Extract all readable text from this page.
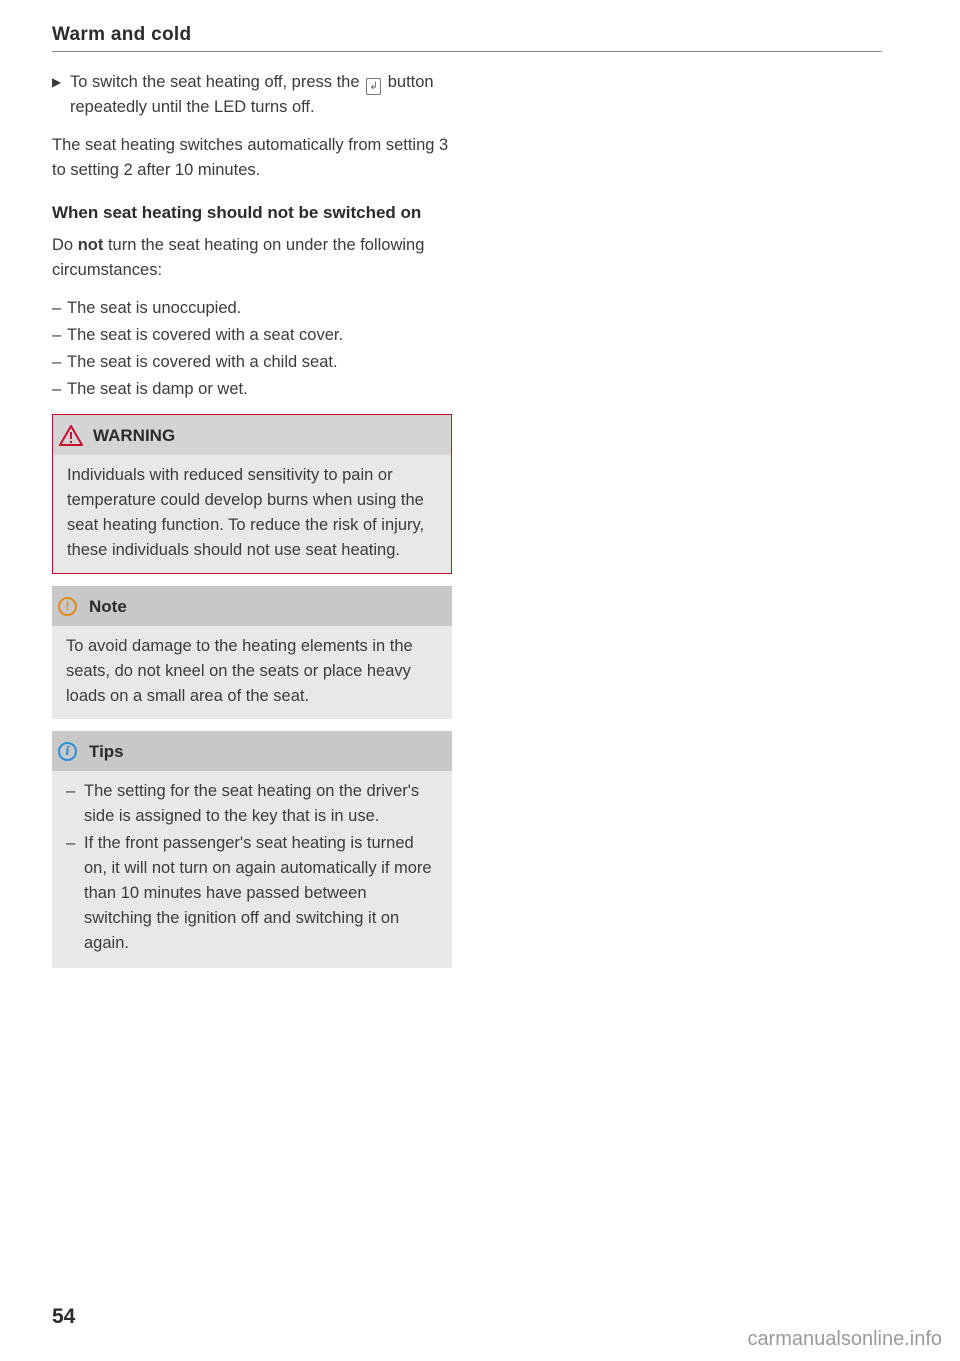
Warm and cold
▶ To switch the seat heating off, press the ↲ button repeatedly until the LED turns off.

The seat heating switches automatically from setting 3 to setting 2 after 10 minutes.

When seat heating should not be switched on

Do not turn the seat heating on under the following circumstances:

– The seat is unoccupied.
– The seat is covered with a seat cover.
– The seat is covered with a child seat.
– The seat is damp or wet.
WARNING
Individuals with reduced sensitivity to pain or temperature could develop burns when using the seat heating function. To reduce the risk of injury, these individuals should not use seat heating.
!	Note
To avoid damage to the heating elements in the seats, do not kneel on the seats or place heavy loads on a small area of the seat.
i	Tips
– The setting for the seat heating on the driver's side is assigned to the key that is in use.
– If the front passenger's seat heating is turned on, it will not turn on again automatically if more than 10 minutes have passed between switching the ignition off and switching it on again.
54
carmanualsonline.info
